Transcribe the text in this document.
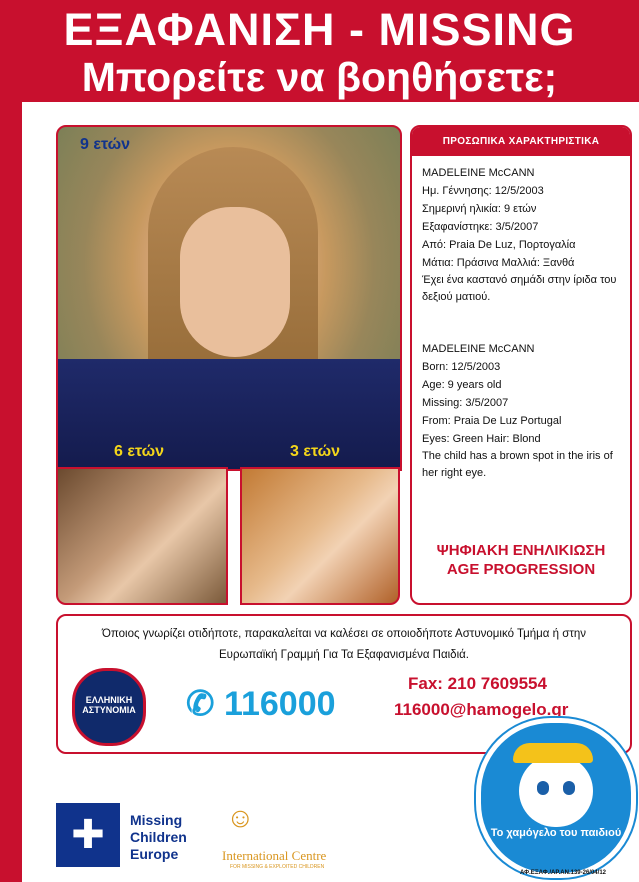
ΕΞΑΦΑΝΙΣΗ - MISSING
Μπορείτε να βοηθήσετε;
9 ετών
6 ετών	3 ετών
ΠΡΟΣΩΠΙΚΑ ΧΑΡΑΚΤΗΡΙΣΤΙΚΑ
MADELEINE McCANN
Ημ. Γέννησης: 12/5/2003
Σημερινή ηλικία: 9 ετών
Εξαφανίστηκε: 3/5/2007
Από: Praia De Luz, Πορτογαλία
Μάτια: Πράσινα Μαλλιά: Ξανθά
Έχει ένα καστανό σημάδι στην ίριδα του δεξιού ματιού.
MADELEINE McCANN
Born: 12/5/2003
Age: 9 years old
Missing: 3/5/2007
From: Praia De Luz Portugal
Eyes: Green Hair: Blond
The child has a brown spot in the iris of her right eye.
ΨΗΦΙΑΚΗ ΕΝΗΛΙΚΙΩΣΗ
AGE PROGRESSION
Όποιος γνωρίζει οτιδήποτε, παρακαλείται να καλέσει σε οποιοδήποτε Αστυνομικό Τμήμα ή στην
Ευρωπαϊκή Γραμμή Για Τα Εξαφανισμένα Παιδιά.
ΕΛΛΗΝΙΚΗ ΑΣΤΥΝΟΜΙΑ ✆ 116000
Fax: 210 7609554
116000@hamogelo.gr
✚	Missing
Children
Europe
☺
International Centre
FOR MISSING & EXPLOITED CHILDREN
Το χαμόγελο του παιδιού
ΑΦ.ΕΞΑΦ./ΑΡ.ΑΝ.139-26/04/12
